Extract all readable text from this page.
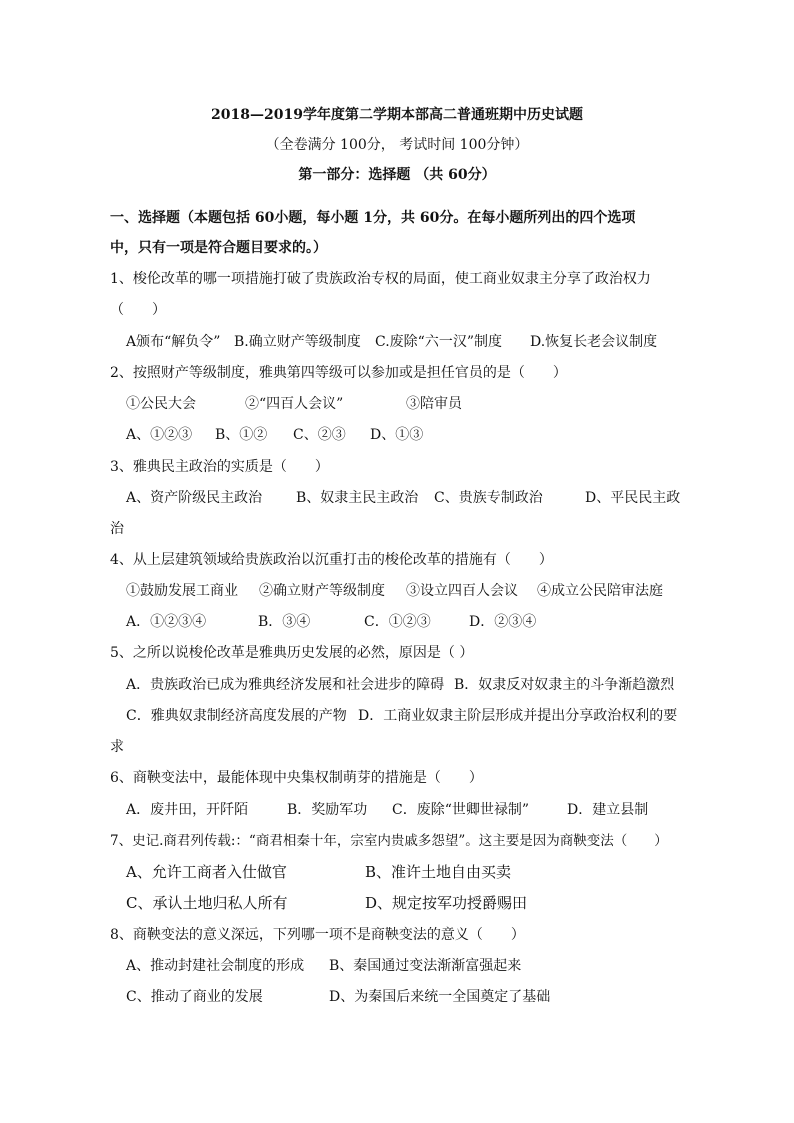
2018—2019学年度第二学期本部高二普通班期中历史试题
（全卷满分 100分， 考试时间 100分钟）
第一部分：选择题 （共 60分）
一、选择题（本题包括 60小题，每小题 1分，共 60分。在每小题所列出的四个选项
中，只有一项是符合题目要求的。）
1、梭伦改革的哪一项措施打破了贵族政治专权的局面，使工商业奴隶主分享了政治权力
（　　）
A颁布“解负令” B.确立财产等级制度 C.废除“六一汉”制度 D.恢复长老会议制度
2、按照财产等级制度，雅典第四等级可以参加或是担任官员的是（　　）
①公民大会	②“四百人会议”	③陪审员
A、①②③ B、①② C、②③ D、①③
3、雅典民主政治的实质是（　　）
A、资产阶级民主政治 B、奴隶主民主政治 C、贵族专制政治	D、平民民主政
治
4、从上层建筑领域给贵族政治以沉重打击的梭伦改革的措施有（　　）
①鼓励发展工商业 ②确立财产等级制度 ③设立四百人会议 ④成立公民陪审法庭
A．①②③④	B．③④	C．①②③	D．②③④
5、之所以说梭伦改革是雅典历史发展的必然，原因是（ ）
A．贵族政治已成为雅典经济发展和社会进步的障碍 B．奴隶反对奴隶主的斗争渐趋激烈
C．雅典奴隶制经济高度发展的产物 D．工商业奴隶主阶层形成并提出分享政治权利的要
求
6、商鞅变法中，最能体现中央集权制萌芽的措施是（　　）
A．废井田，开阡陌	B．奖励军功 C．废除“世卿世禄制”	D．建立县制
7、史记.商君列传载:：“商君相秦十年，宗室内贵戚多怨望”。这主要是因为商鞅变法（　　）
A、允许工商者入仕做官	B、准许土地自由买卖
C、承认土地归私人所有	D、规定按军功授爵赐田
8、商鞅变法的意义深远，下列哪一项不是商鞅变法的意义（　　）
A、推动封建社会制度的形成 B、秦国通过变法渐渐富强起来
C、推动了商业的发展	D、为秦国后来统一全国奠定了基础
